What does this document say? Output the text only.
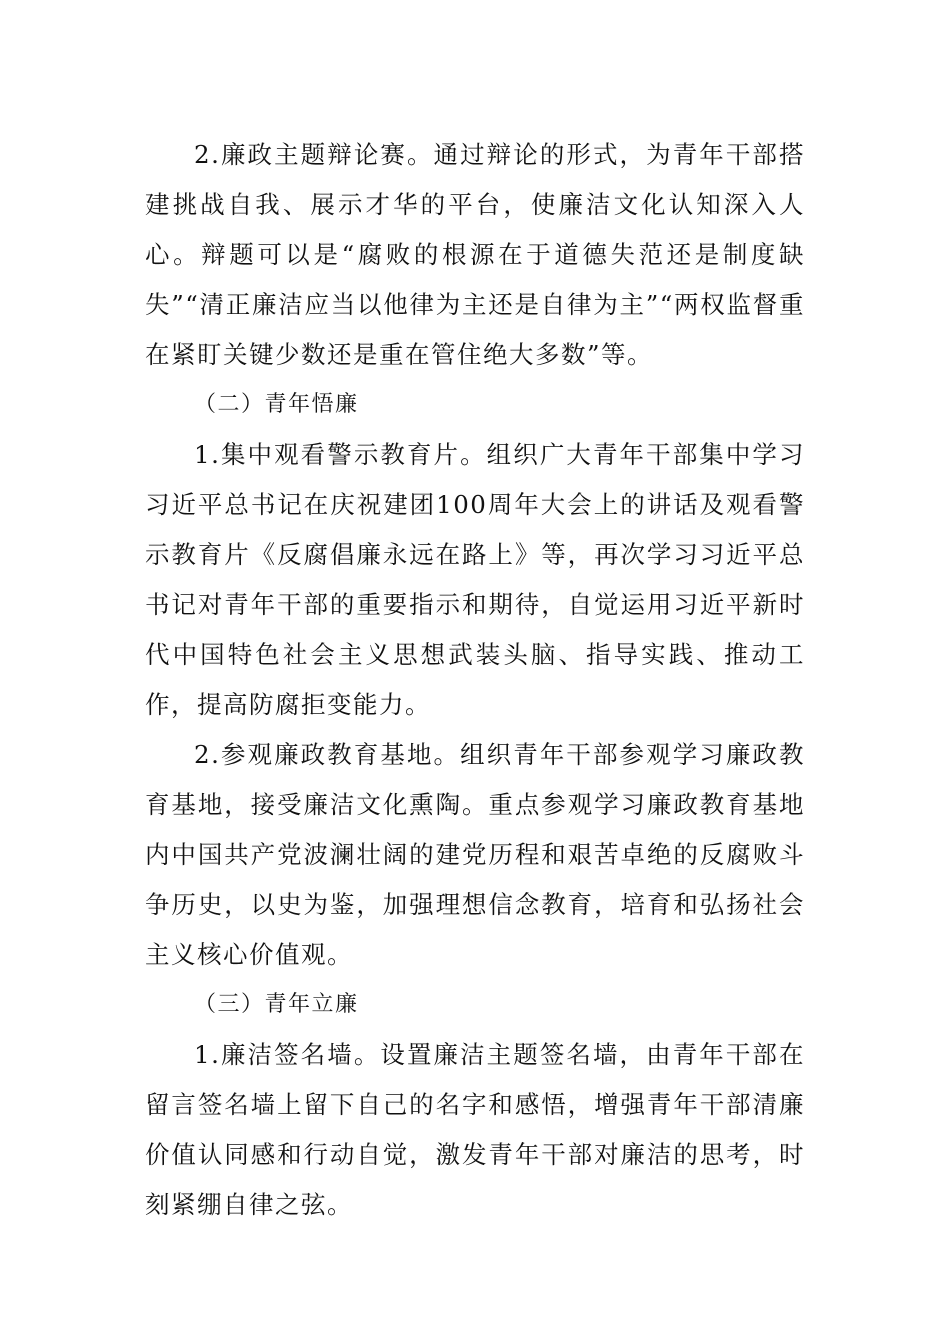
2.廉政主题辩论赛。通过辩论的形式，为青年干部搭建挑战自我、展示才华的平台，使廉洁文化认知深入人心。辩题可以是“腐败的根源在于道德失范还是制度缺失”“清正廉洁应当以他律为主还是自律为主”“两权监督重在紧盯关键少数还是重在管住绝大多数”等。

（二）青年悟廉

1.集中观看警示教育片。组织广大青年干部集中学习习近平总书记在庆祝建团100周年大会上的讲话及观看警示教育片《反腐倡廉永远在路上》等，再次学习习近平总书记对青年干部的重要指示和期待，自觉运用习近平新时代中国特色社会主义思想武装头脑、指导实践、推动工作，提高防腐拒变能力。

2.参观廉政教育基地。组织青年干部参观学习廉政教育基地，接受廉洁文化熏陶。重点参观学习廉政教育基地内中国共产党波澜壮阔的建党历程和艰苦卓绝的反腐败斗争历史，以史为鉴，加强理想信念教育，培育和弘扬社会主义核心价值观。

（三）青年立廉

1.廉洁签名墙。设置廉洁主题签名墙，由青年干部在留言签名墙上留下自己的名字和感悟，增强青年干部清廉价值认同感和行动自觉，激发青年干部对廉洁的思考，时刻紧绷自律之弦。
